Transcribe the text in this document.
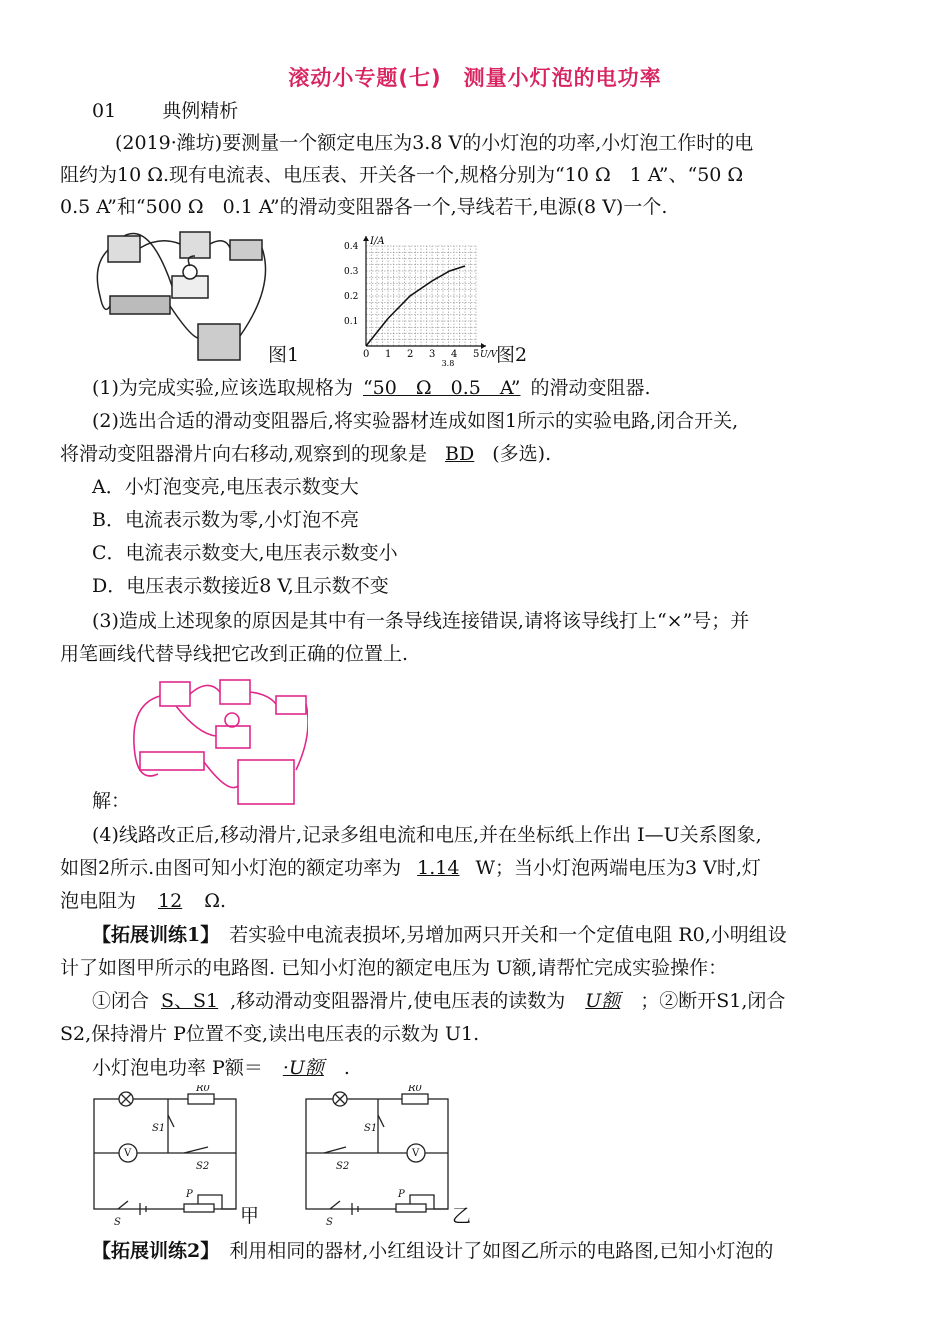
滚动小专题(七)　测量小灯泡的电功率
01 典例精析
(2019·潍坊)要测量一个额定电压为3.8 V的小灯泡的功率,小灯泡工作时的电
阻约为10 Ω.现有电流表、电压表、开关各一个,规格分别为“10 Ω　1 A”、“50 Ω
0.5 A”和“500 Ω　0.1 A”的滑动变阻器各一个,导线若干,电源(8 V)一个.
图1	0 1 2 3 4 5
3.8
0.1
0.2
0.3
0.4 I/A
U/V
图2
(1)为完成实验,应该选取规格为 “50　Ω　0.5　A” 的滑动变阻器.
(2)选出合适的滑动变阻器后,将实验器材连成如图1所示的实验电路,闭合开关,
将滑动变阻器滑片向右移动,观察到的现象是 BD (多选).
A．小灯泡变亮,电压表示数变大
B．电流表示数为零,小灯泡不亮
C．电流表示数变大,电压表示数变小
D．电压表示数接近8 V,且示数不变
(3)造成上述现象的原因是其中有一条导线连接错误,请将该导线打上“×”号；并
用笔画线代替导线把它改到正确的位置上.
解：
(4)线路改正后,移动滑片,记录多组电流和电压,并在坐标纸上作出 I—U关系图象,
如图2所示.由图可知小灯泡的额定功率为 1.14 W；当小灯泡两端电压为3 V时,灯
泡电阻为 12 Ω.
【拓展训练1】 若实验中电流表损坏,另增加两只开关和一个定值电阻 R0,小明组设
计了如图甲所示的电路图. 已知小灯泡的额定电压为 U额,请帮忙完成实验操作：
①闭合 S、S1 ,移动滑动变阻器滑片,使电压表的读数为 U额 ；②断开S1,闭合
S2,保持滑片 P位置不变,读出电压表的示数为 U1.
小灯泡电功率 P额＝ ·U额 .
R0
S1
S2
V
S
P
R0
S1
S2
V
S
P
甲	乙
【拓展训练2】 利用相同的器材,小红组设计了如图乙所示的电路图,已知小灯泡的
